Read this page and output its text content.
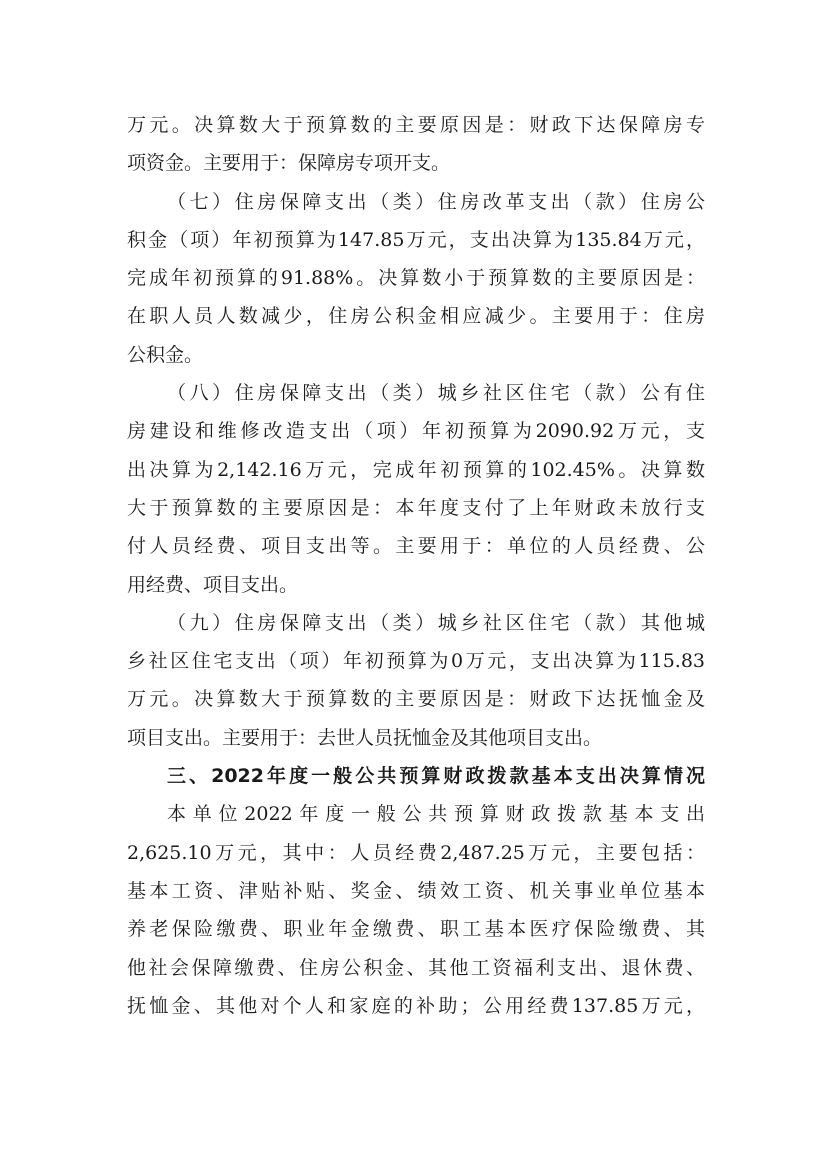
万元。决算数大于预算数的主要原因是：财政下达保障房专
项资金。主要用于：保障房专项开支。
（七）住房保障支出（类）住房改革支出（款）住房公
积金（项）年初预算为147.85万元，支出决算为135.84万元，
完成年初预算的91.88%。决算数小于预算数的主要原因是：
在职人员人数减少，住房公积金相应减少。主要用于：住房
公积金。
（八）住房保障支出（类）城乡社区住宅（款）公有住
房建设和维修改造支出（项）年初预算为2090.92万元，支
出决算为2,142.16万元，完成年初预算的102.45%。决算数
大于预算数的主要原因是：本年度支付了上年财政未放行支
付人员经费、项目支出等。主要用于：单位的人员经费、公
用经费、项目支出。
（九）住房保障支出（类）城乡社区住宅（款）其他城
乡社区住宅支出（项）年初预算为0万元，支出决算为115.83
万元。决算数大于预算数的主要原因是：财政下达抚恤金及
项目支出。主要用于：去世人员抚恤金及其他项目支出。
三、2022年度一般公共预算财政拨款基本支出决算情况
本单位2022年度一般公共预算财政拨款基本支出
2,625.10万元，其中：人员经费2,487.25万元，主要包括：
基本工资、津贴补贴、奖金、绩效工资、机关事业单位基本
养老保险缴费、职业年金缴费、职工基本医疗保险缴费、其
他社会保障缴费、住房公积金、其他工资福利支出、退休费、
抚恤金、其他对个人和家庭的补助；公用经费137.85万元，
